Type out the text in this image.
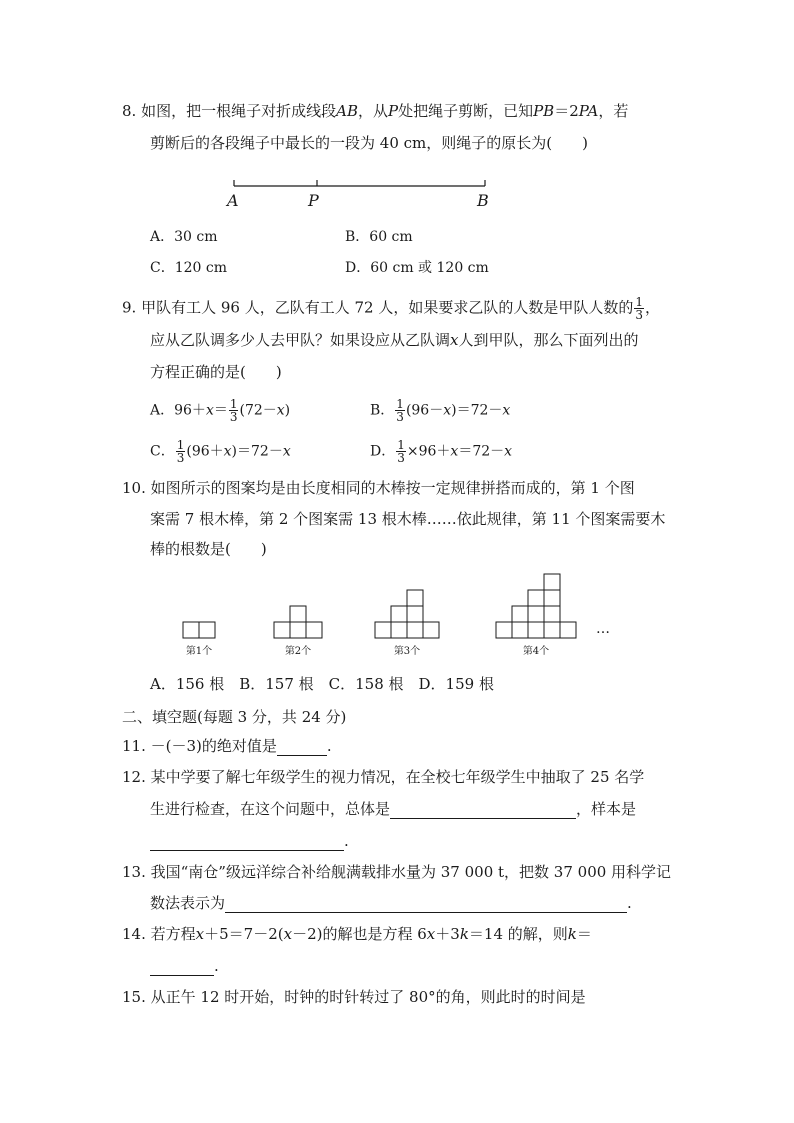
8. 如图，把一根绳子对折成线段AB，从P处把绳子剪断，已知PB＝2PA，若
剪断后的各段绳子中最长的一段为 40 cm，则绳子的原长为(　　)
A	P	B
A．30 cm	B．60 cm
C．120 cm	D．60 cm 或 120 cm
9. 甲队有工人 96 人，乙队有工人 72 人，如果要求乙队的人数是甲队人数的 $\frac{1}{3}$ ，
应从乙队调多少人去甲队？如果设应从乙队调x人到甲队，那么下面列出的
方程正确的是(　　)
A．$96+x= \frac{1}{3} (72-x)$	B． $\frac{1}{3} (96-x)=72-x$
C． $\frac{1}{3} (96+x)=72-x$	D． $\frac{1}{3} \times 96+x=72-x$
10. 如图所示的图案均是由长度相同的木棒按一定规律拼搭而成的，第 1 个图
案需 7 根木棒，第 2 个图案需 13 根木棒……依此规律，第 11 个图案需要木
棒的根数是(　　)
第1个	第2个	第3个	第4个
…
A．156 根　B．157 根　C．158 根　D．159 根
二、填空题(每题 3 分，共 24 分)
11. －(－3)的绝对值是	.
12. 某中学要了解七年级学生的视力情况，在全校七年级学生中抽取了 25 名学
生进行检查，在这个问题中，总体是	，样本是
.
13. 我国“南仓”级远洋综合补给舰满载排水量为 37 000 t，把数 37 000 用科学记
数法表示为	.
14. 若方程x＋5＝7－2(x－2)的解也是方程 6x＋3k＝14 的解，则k＝
.
15. 从正午 12 时开始，时钟的时针转过了 80°的角，则此时的时间是
